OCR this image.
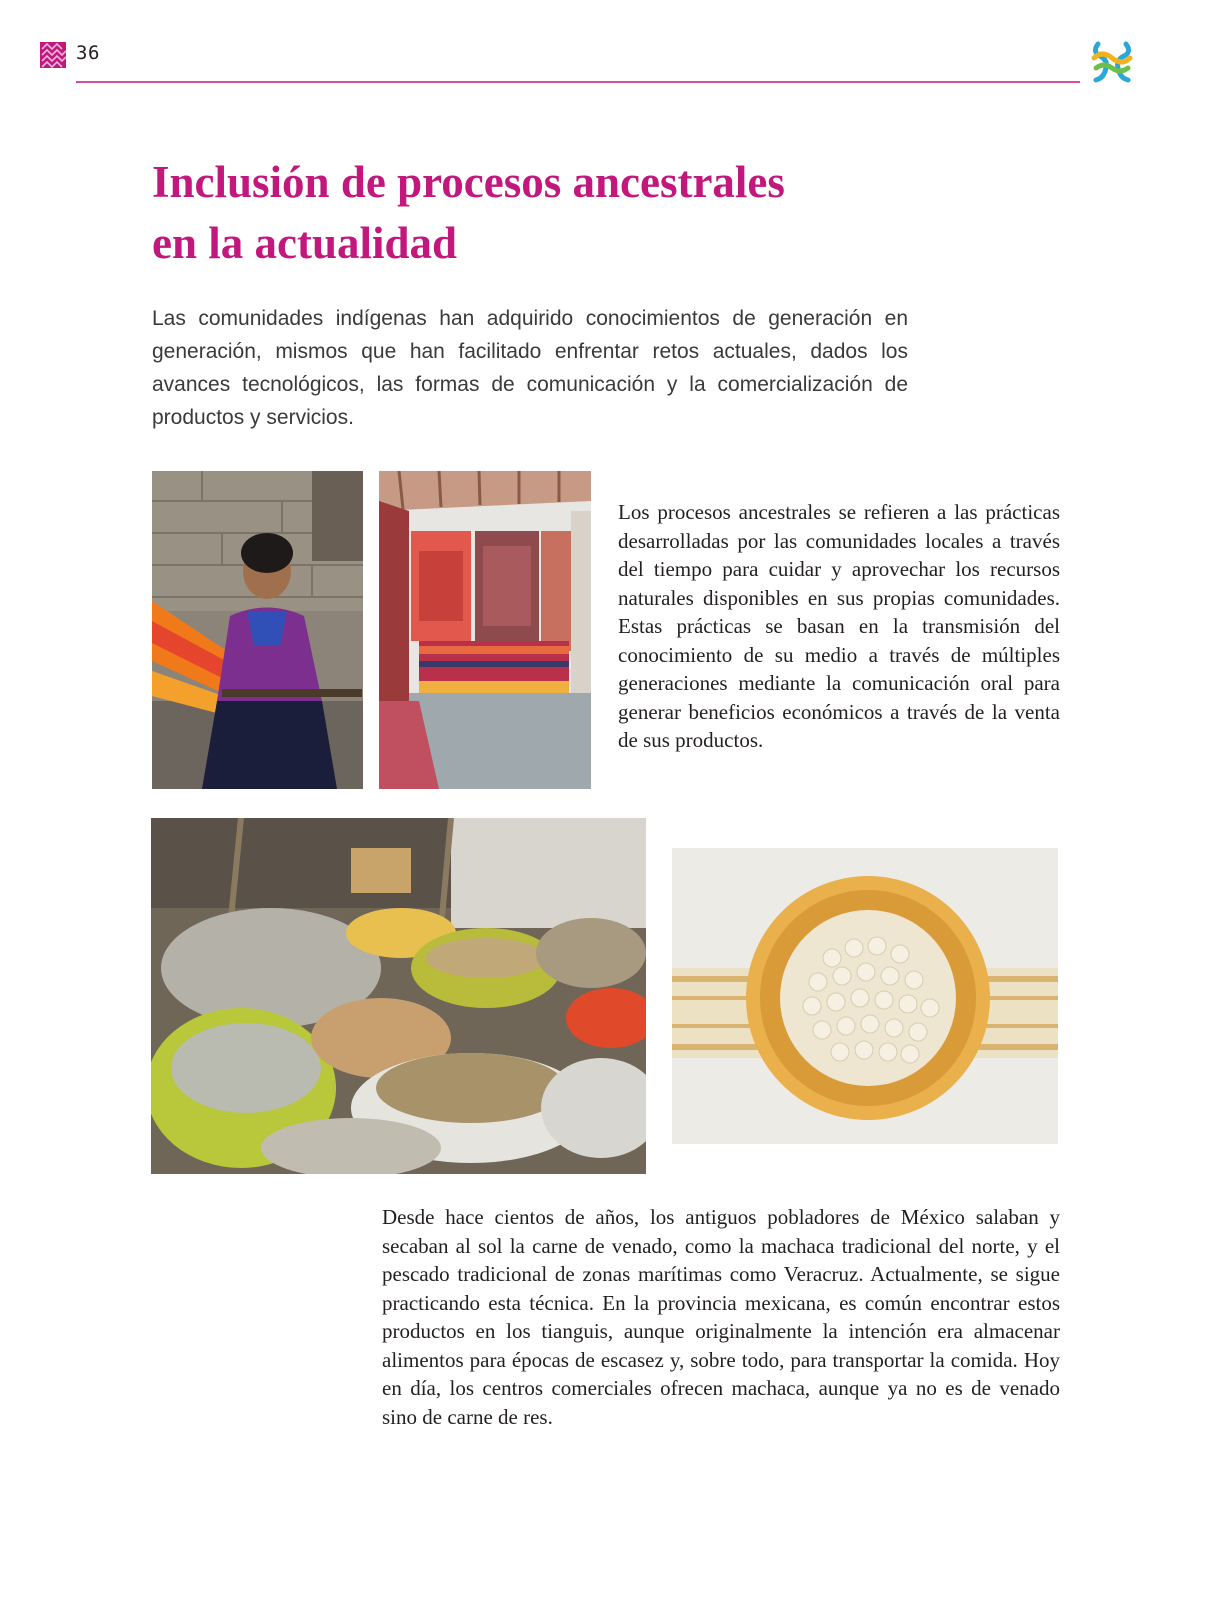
36
Inclusión de procesos ancestrales
en la actualidad

Las comunidades indígenas han adquirido conocimientos de generación en generación, mismos que han facilitado enfrentar retos actuales, dados los avances tecnológicos, las formas de comunicación y la comercialización de productos y servicios.

Los procesos ancestrales se refieren a las prácticas desarrolladas por las comunidades locales a través del tiempo para cuidar y aprovechar los recursos naturales disponibles en sus propias comunidades. Estas prácticas se basan en la transmisión del conocimiento de su medio a través de múltiples generaciones mediante la comunicación oral para generar beneficios económicos a través de la venta de sus productos.

Desde hace cientos de años, los antiguos pobladores de México salaban y secaban al sol la carne de venado, como la machaca tradicional del norte, y el pescado tradicional de zonas marítimas como Veracruz. Actualmente, se sigue practicando esta técnica. En la provincia mexicana, es común encontrar estos productos en los tianguis, aunque originalmente la intención era almacenar alimentos para épocas de escasez y, sobre todo, para transportar la comida. Hoy en día, los centros comerciales ofrecen machaca, aunque ya no es de venado sino de carne de res.
